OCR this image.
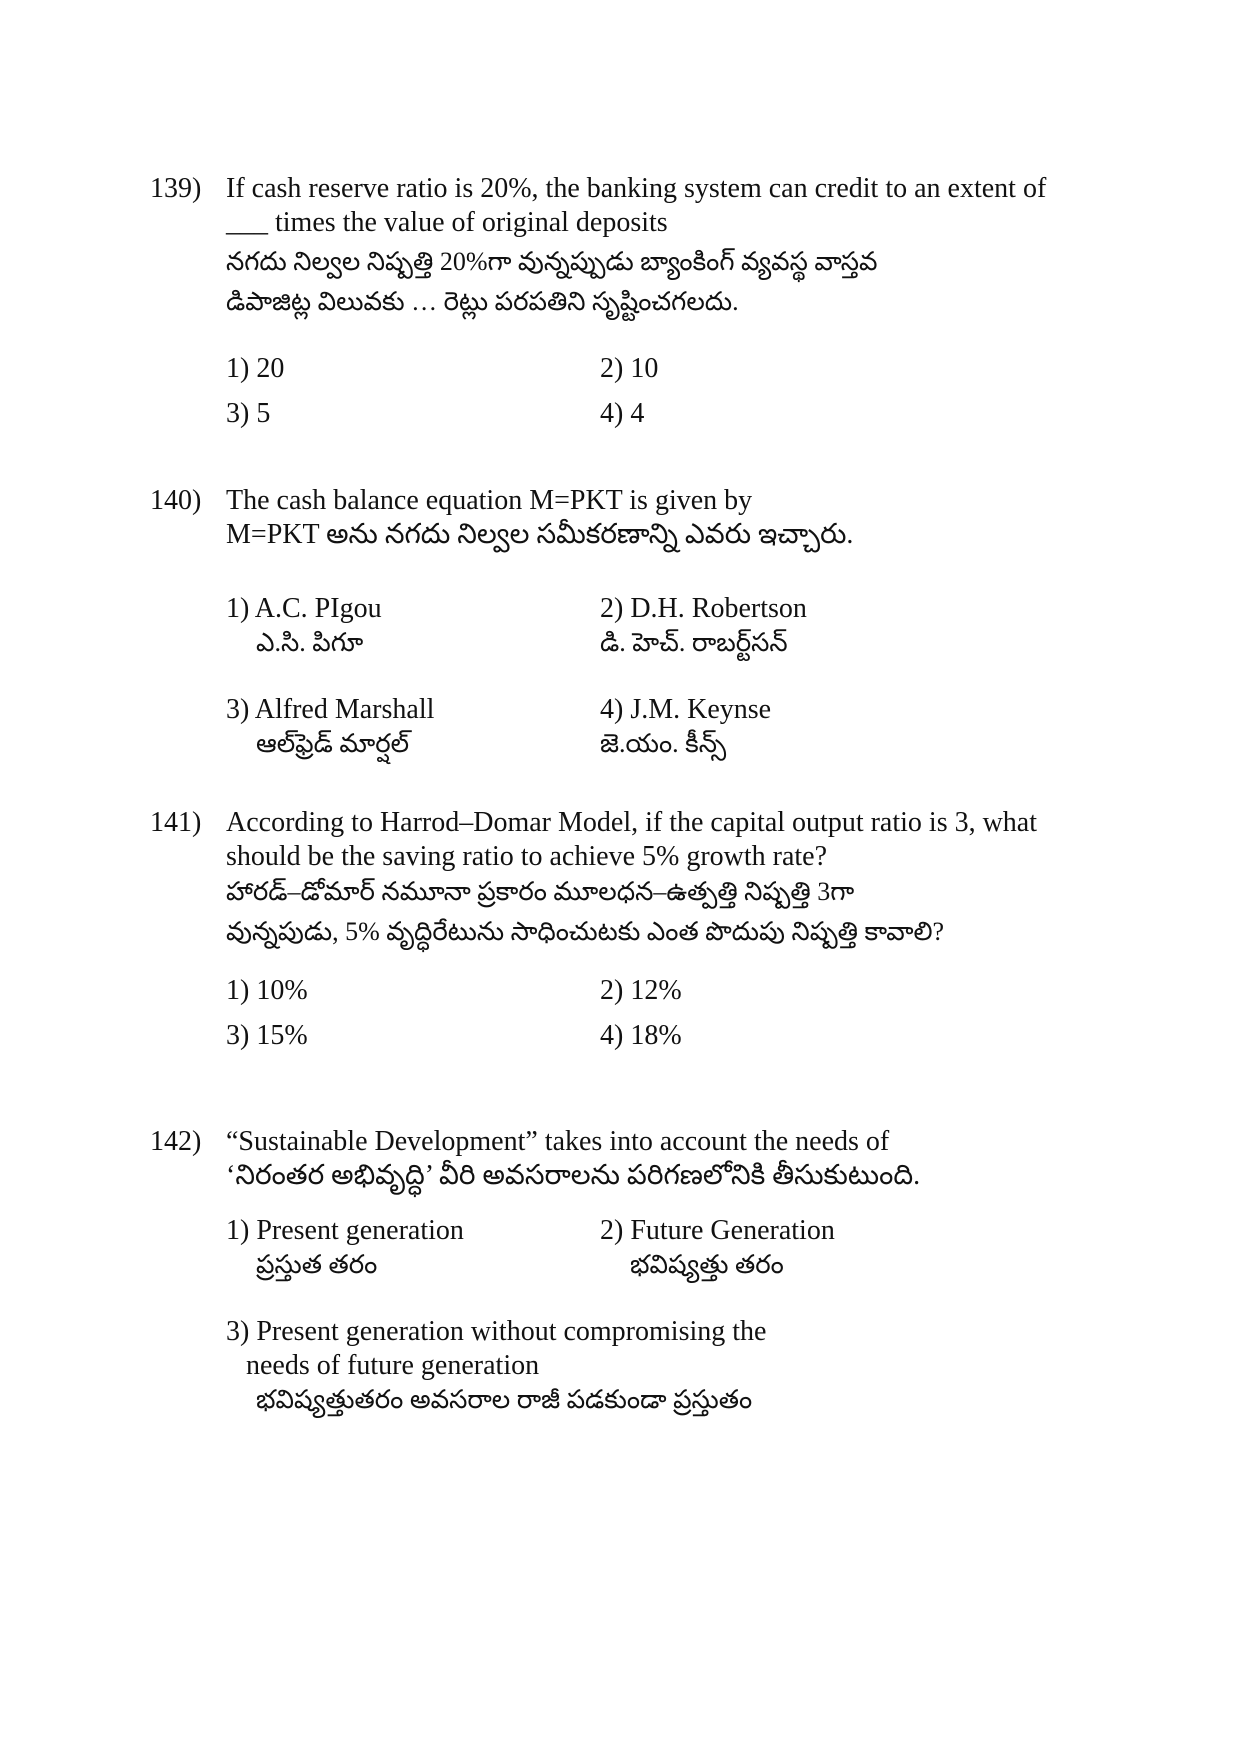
139) If cash reserve ratio is 20%, the banking system can credit to an extent of
___ times the value of original deposits
నగదు నిల్వల నిష్పత్తి 20%గా వున్నప్పుడు బ్యాంకింగ్ వ్యవస్థ వాస్తవ
డిపాజిట్ల విలువకు … రెట్లు పరపతిని సృష్టించగలదు.
1) 20	2) 10
3) 5	4) 4
140) The cash balance equation M=PKT is given by
M=PKT అను నగదు నిల్వల సమీకరణాన్ని ఎవరు ఇచ్చారు.
1) A.C. PIgou
ఎ.సి. పిగూ
2) D.H. Robertson
డి. హెచ్. రాబర్ట్‌సన్
3) Alfred Marshall
ఆల్‌ఫ్రెడ్ మార్షల్
4) J.M. Keynse
జె.యం. కీన్స్
141) According to Harrod–Domar Model, if the capital output ratio is 3, what
should be the saving ratio to achieve 5% growth rate?
హారడ్–డోమార్ నమూనా ప్రకారం మూలధన–ఉత్పత్తి నిష్పత్తి 3గా
వున్నపుడు, 5% వృద్ధిరేటును సాధించుటకు ఎంత పొదుపు నిష్పత్తి కావాలి?
1) 10%	2) 12%
3) 15%	4) 18%
142) “Sustainable Development” takes into account the needs of
‘నిరంతర అభివృద్ధి’ వీరి అవసరాలను పరిగణలోనికి తీసుకుటుంది.
1) Present generation
ప్రస్తుత తరం
2) Future Generation
భవిష్యత్తు తరం
3) Present generation without compromising the
needs of future generation
భవిష్యత్తుతరం అవసరాల రాజీ పడకుండా ప్రస్తుతం
